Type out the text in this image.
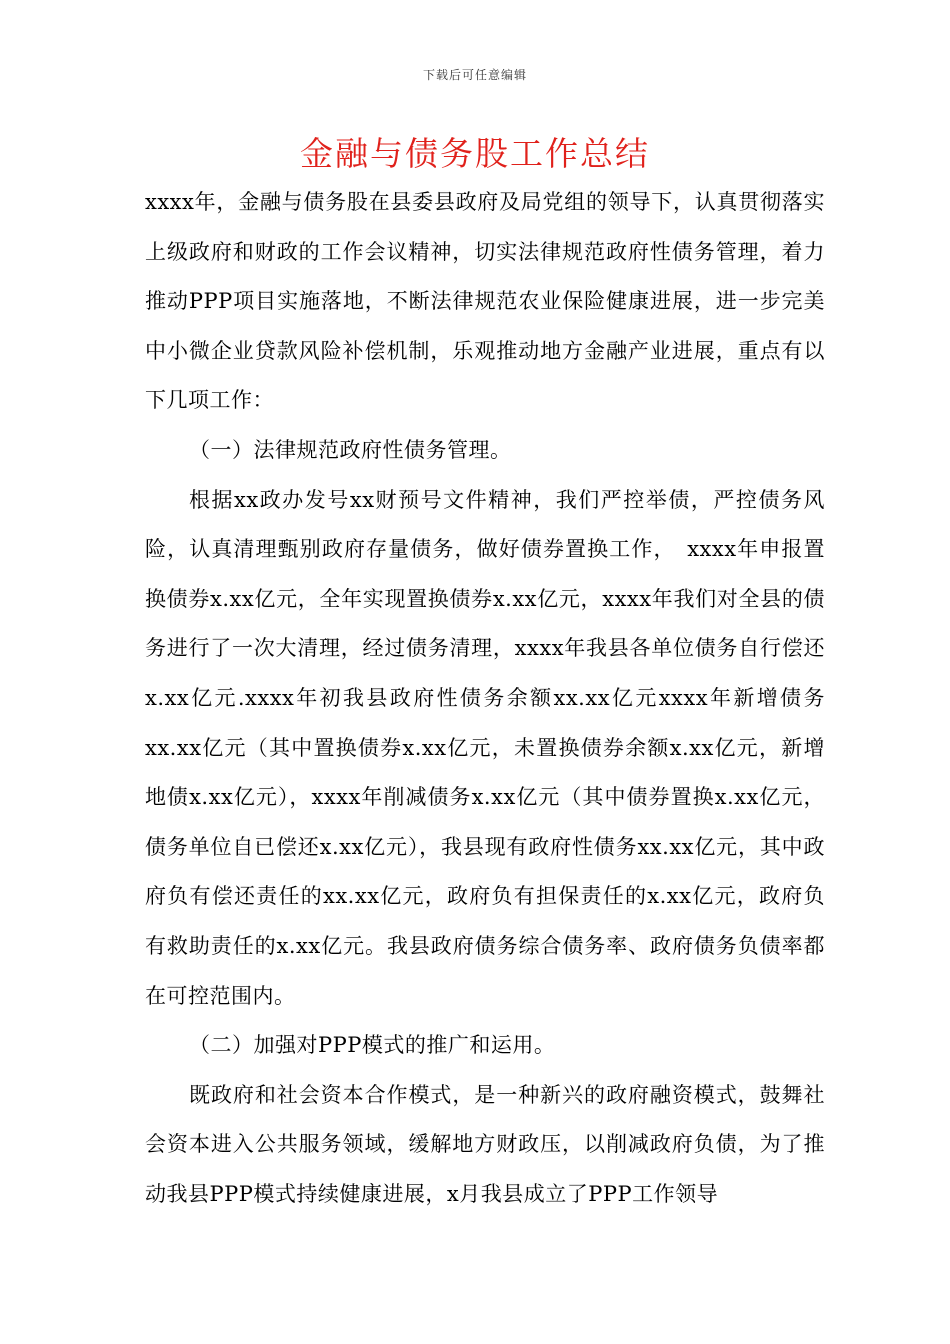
下载后可任意编辑
金融与债务股工作总结

xxxx年，金融与债务股在县委县政府及局党组的领导下，认真贯彻落实上级政府和财政的工作会议精神，切实法律规范政府性债务管理，着力推动PPP项目实施落地，不断法律规范农业保险健康进展，进一步完美中小微企业贷款风险补偿机制，乐观推动地方金融产业进展，重点有以下几项工作：

（一）法律规范政府性债务管理。

根据xx政办发号xx财预号文件精神，我们严控举债，严控债务风险，认真清理甄别政府存量债务，做好债券置换工作，　xxxx年申报置换债券x.xx亿元，全年实现置换债券x.xx亿元，xxxx年我们对全县的债务进行了一次大清理，经过债务清理，xxxx年我县各单位债务自行偿还x.xx亿元.xxxx年初我县政府性债务余额xx.xx亿元xxxx年新增债务xx.xx亿元（其中置换债券x.xx亿元，未置换债券余额x.xx亿元，新增地债x.xx亿元），xxxx年削减债务x.xx亿元（其中债券置换x.xx亿元，债务单位自已偿还x.xx亿元），我县现有政府性债务xx.xx亿元，其中政府负有偿还责任的xx.xx亿元，政府负有担保责任的x.xx亿元，政府负有救助责任的x.xx亿元。我县政府债务综合债务率、政府债务负债率都在可控范围内。

（二）加强对PPP模式的推广和运用。

既政府和社会资本合作模式，是一种新兴的政府融资模式，鼓舞社会资本进入公共服务领域，缓解地方财政压，以削减政府负债，为了推动我县PPP模式持续健康进展，x月我县成立了PPP工作领导
